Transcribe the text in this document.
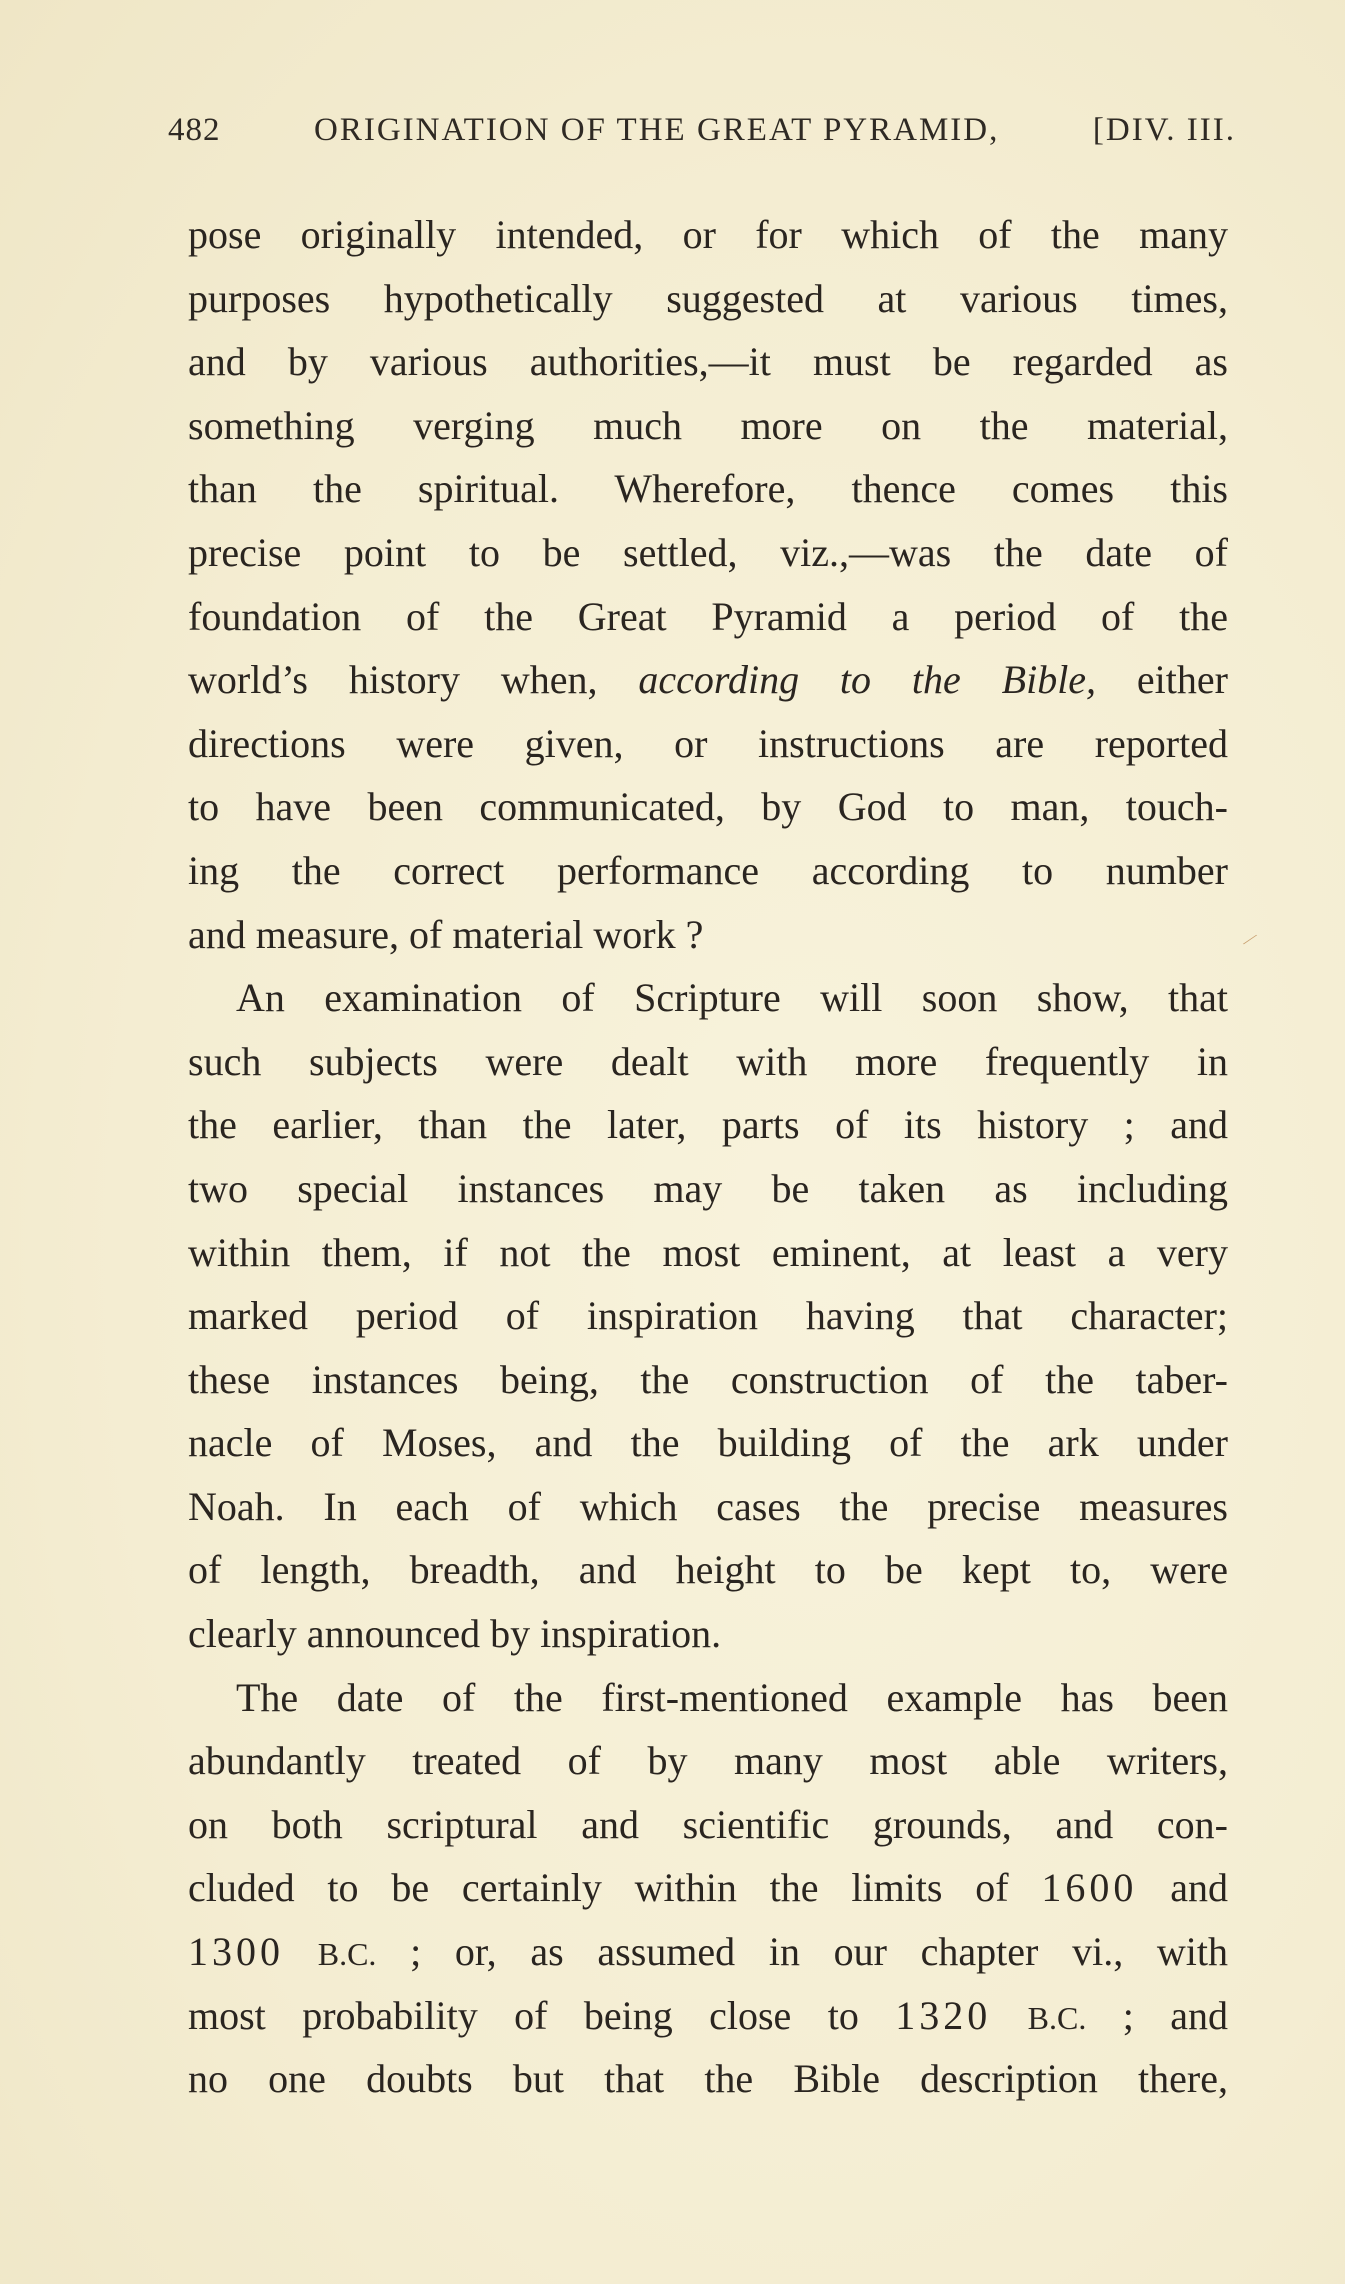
482	ORIGINATION OF THE GREAT PYRAMID,	[DIV. III.
pose originally intended, or for which of the many
purposes hypothetically suggested at various times,
and by various authorities,—it must be regarded as
something verging much more on the material,
than the spiritual. Wherefore, thence comes this
precise point to be settled, viz.,—was the date of
foundation of the Great Pyramid a period of the
world’s history when, according to the Bible, either
directions were given, or instructions are reported
to have been communicated, by God to man, touch-
ing the correct performance according to number
and measure, of material work ?
An examination of Scripture will soon show, that
such subjects were dealt with more frequently in
the earlier, than the later, parts of its history ; and
two special instances may be taken as including
within them, if not the most eminent, at least a very
marked period of inspiration having that character;
these instances being, the construction of the taber-
nacle of Moses, and the building of the ark under
Noah. In each of which cases the precise measures
of length, breadth, and height to be kept to, were
clearly announced by inspiration.
The date of the first-mentioned example has been
abundantly treated of by many most able writers,
on both scriptural and scientific grounds, and con-
cluded to be certainly within the limits of 1600 and
1300 B.C. ; or, as assumed in our chapter vi., with
most probability of being close to 1320 B.C. ; and
no one doubts but that the Bible description there,
⁄
